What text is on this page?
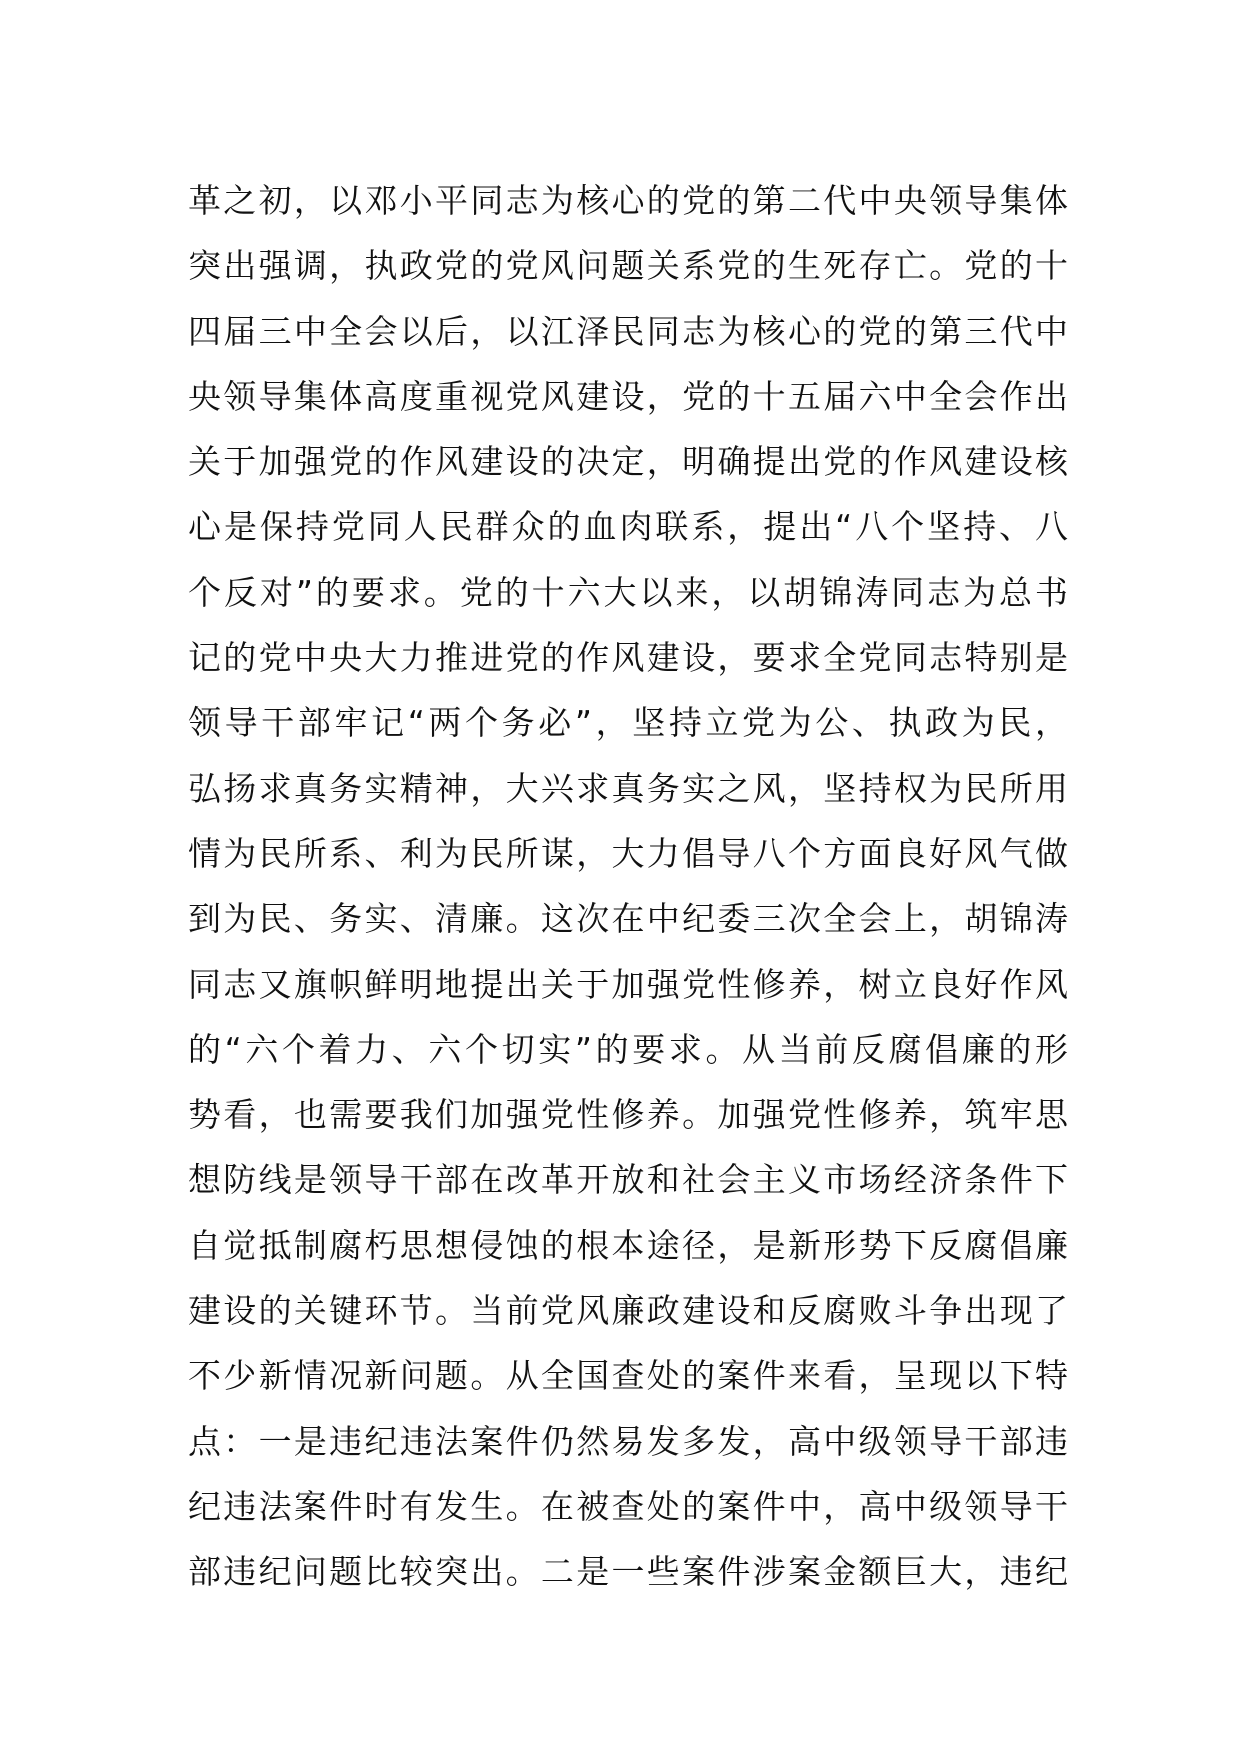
革之初，以邓小平同志为核心的党的第二代中央领导集体
突出强调，执政党的党风问题关系党的生死存亡。党的十
四届三中全会以后，以江泽民同志为核心的党的第三代中
央领导集体高度重视党风建设，党的十五届六中全会作出
关于加强党的作风建设的决定，明确提出党的作风建设核
心是保持党同人民群众的血肉联系，提出“八个坚持、八
个反对”的要求。党的十六大以来，以胡锦涛同志为总书
记的党中央大力推进党的作风建设，要求全党同志特别是
领导干部牢记“两个务必”，坚持立党为公、执政为民，
弘扬求真务实精神，大兴求真务实之风，坚持权为民所用
情为民所系、利为民所谋，大力倡导八个方面良好风气做
到为民、务实、清廉。这次在中纪委三次全会上，胡锦涛
同志又旗帜鲜明地提出关于加强党性修养，树立良好作风
的“六个着力、六个切实”的要求。从当前反腐倡廉的形
势看，也需要我们加强党性修养。加强党性修养，筑牢思
想防线是领导干部在改革开放和社会主义市场经济条件下
自觉抵制腐朽思想侵蚀的根本途径，是新形势下反腐倡廉
建设的关键环节。当前党风廉政建设和反腐败斗争出现了
不少新情况新问题。从全国查处的案件来看，呈现以下特
点：一是违纪违法案件仍然易发多发，高中级领导干部违
纪违法案件时有发生。在被查处的案件中，高中级领导干
部违纪问题比较突出。二是一些案件涉案金额巨大，违纪
